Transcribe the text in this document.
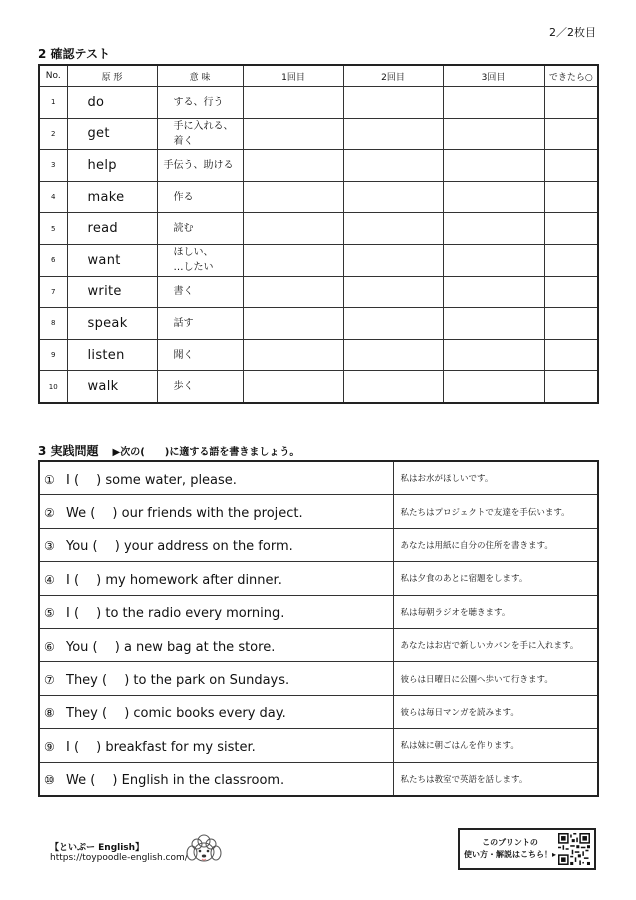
2／2枚目
2 確認テスト
No.	原 形	意 味	1回目	2回目	3回目	できたら○
1	do	する、行う				

2	get	手に入れる、
着く				

3	help	手伝う、助ける				

4	make	作る				

5	read	読む				

6	want	ほしい、
…したい				

7	write	書く				

8	speak	話す				

9	listen	聞く				

10	walk	歩く				

3 実践問題 ▶次の(　　)に適する語を書きましょう。
① I (　 ) some water, please.	私はお水がほしいです。
② We (　 ) our friends with the project.	私たちはプロジェクトで友達を手伝います。
③ You (　 ) your address on the form.	あなたは用紙に自分の住所を書きます。
④ I (　 ) my homework after dinner.	私は夕食のあとに宿題をします。
⑤ I (　 ) to the radio every morning.	私は毎朝ラジオを聴きます。
⑥ You (　 ) a new bag at the store.	あなたはお店で新しいカバンを手に入れます。
⑦ They (　 ) to the park on Sundays.	彼らは日曜日に公園へ歩いて行きます。
⑧ They (　 ) comic books every day.	彼らは毎日マンガを読みます。
⑨ I (　 ) breakfast for my sister.	私は妹に朝ごはんを作ります。
⑩ We (　 ) English in the classroom.	私たちは教室で英語を話します。
【といぷー English】
https://toypoodle-english.com/
このプリントの
使い方・解説はこちら！▸
